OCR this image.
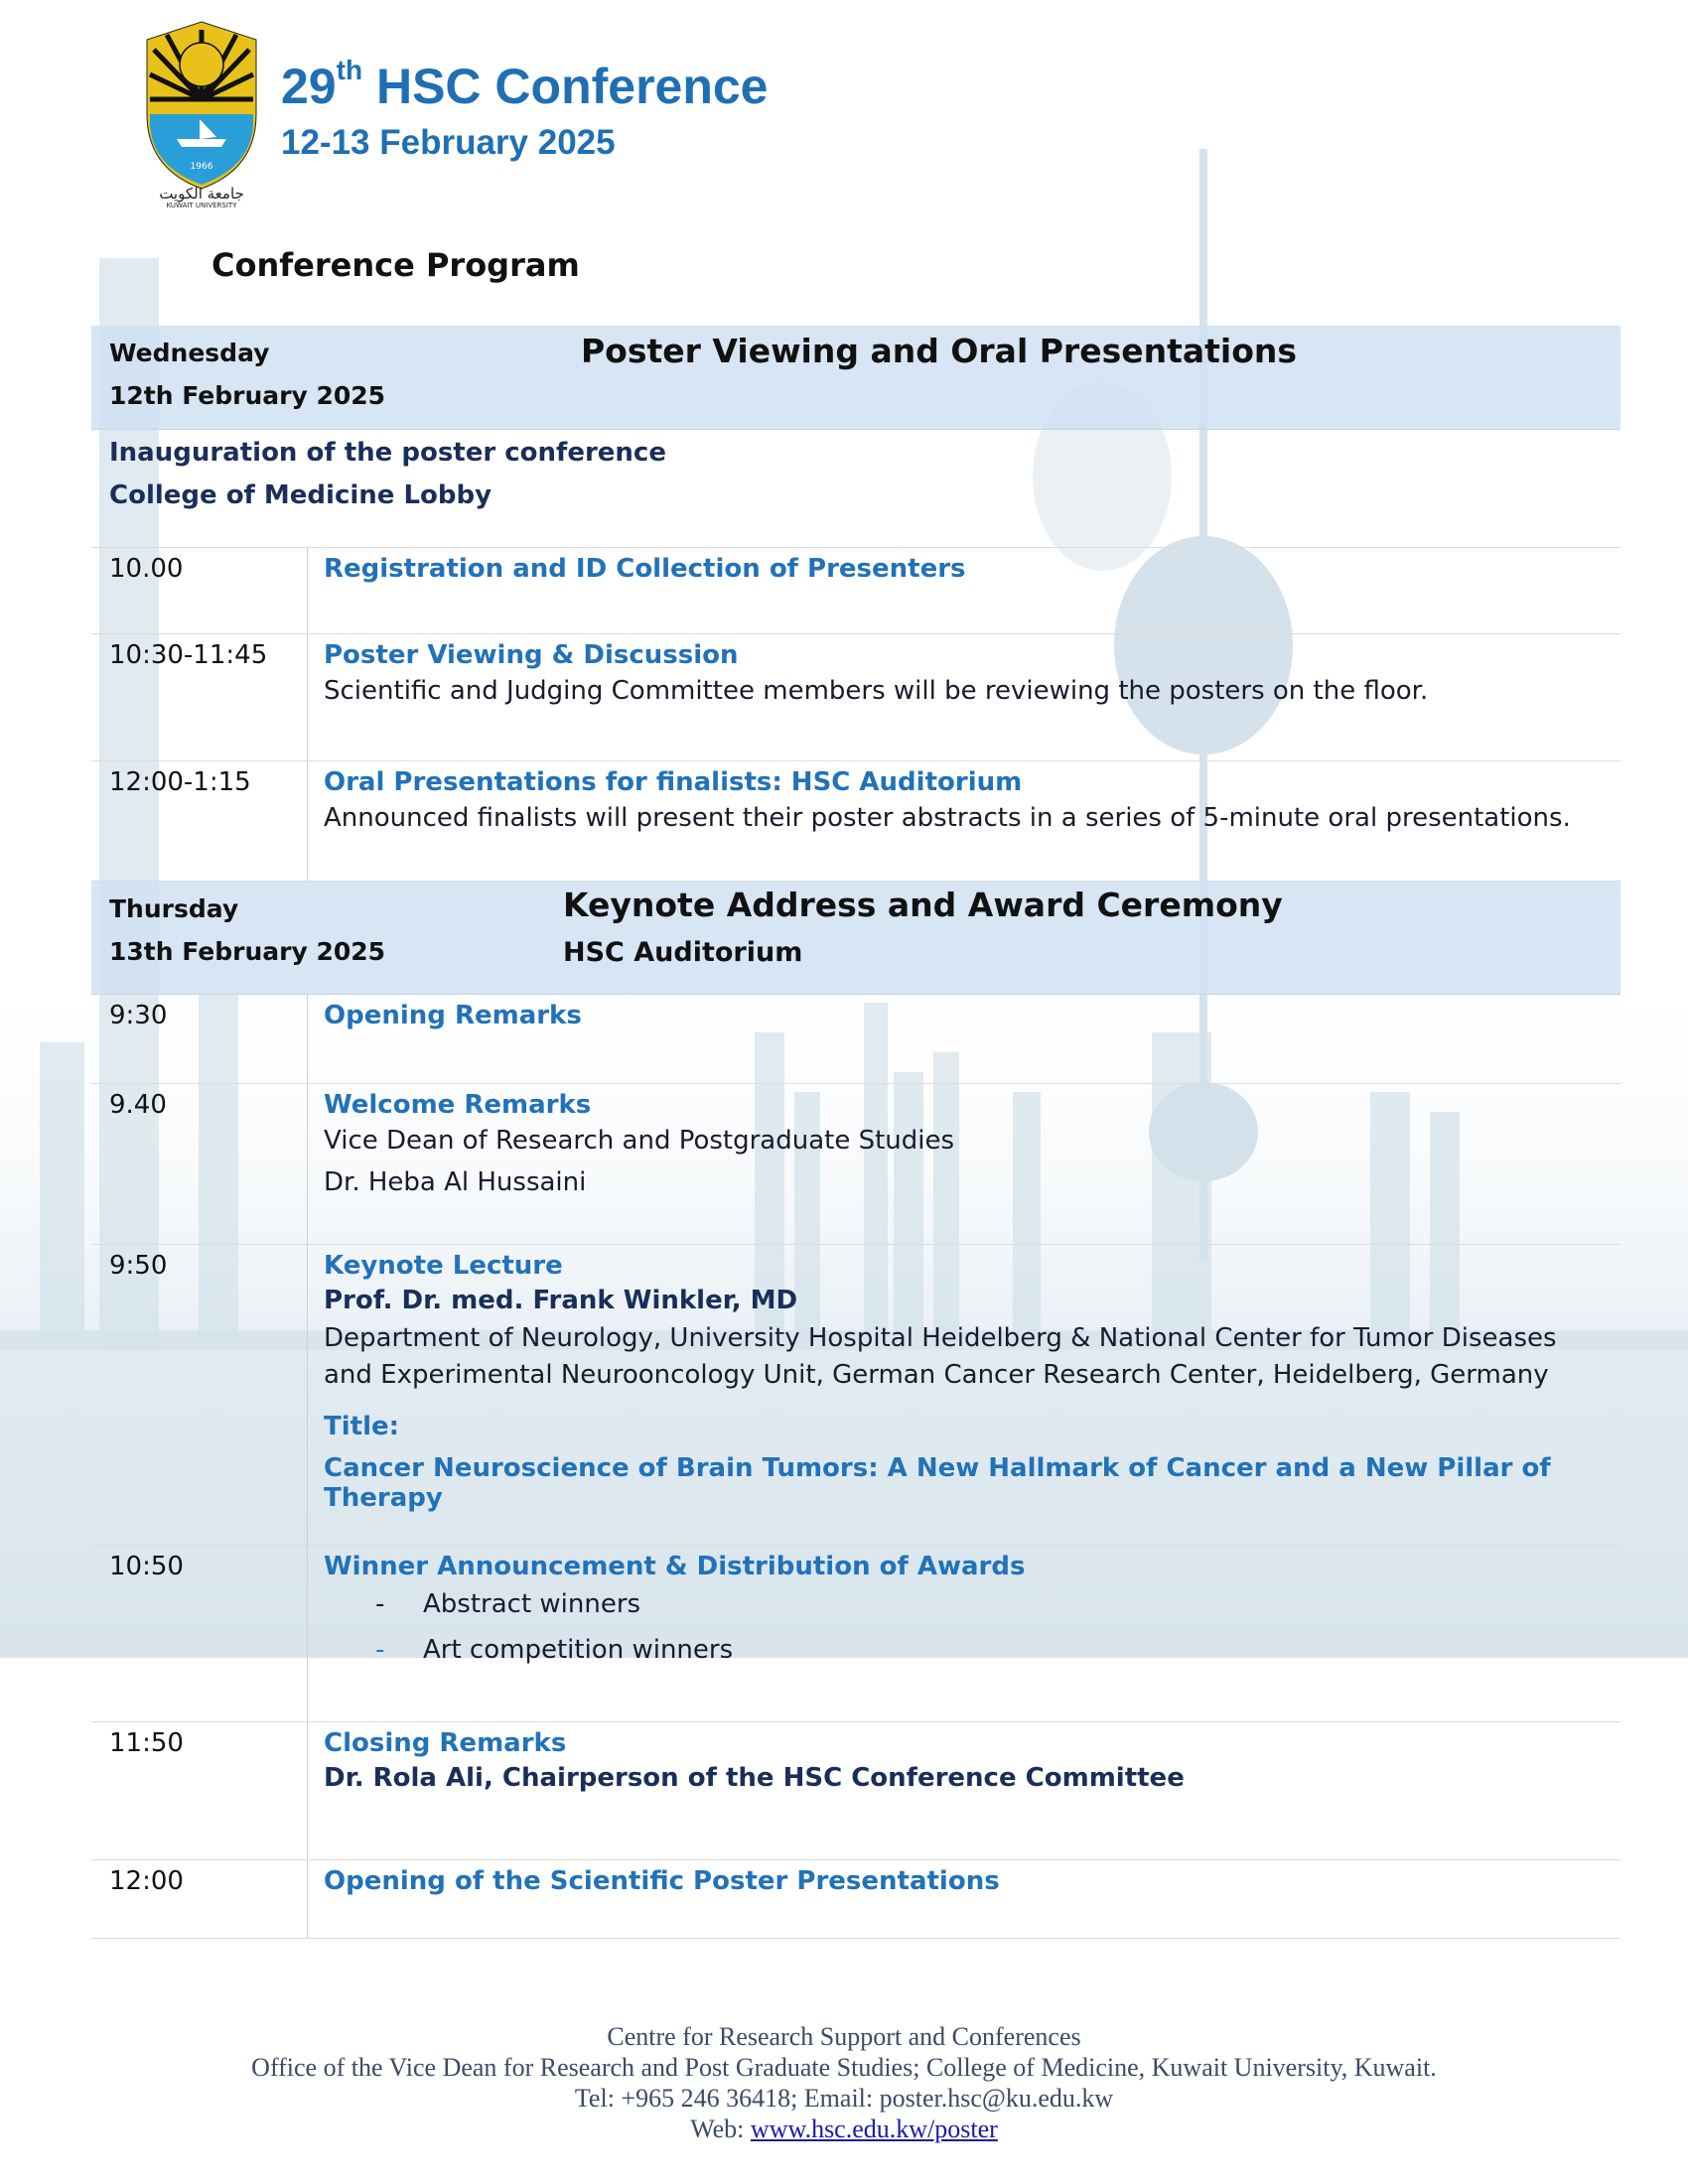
1966
جامعة الكويت
KUWAIT UNIVERSITY
29th HSC Conference
12-13 February 2025
Conference Program
Wednesday
12th February 2025
Poster Viewing and Oral Presentations
Inauguration of the poster conference
College of Medicine Lobby
10.00	Registration and ID Collection of Presenters
10:30-11:45	Poster Viewing & Discussion
Scientific and Judging Committee members will be reviewing the posters on the floor.
12:00-1:15	Oral Presentations for finalists: HSC Auditorium
Announced finalists will present their poster abstracts in a series of 5-minute oral presentations.
Thursday
13th February 2025
Keynote Address and Award Ceremony
HSC Auditorium
9:30	Opening Remarks
9.40	Welcome Remarks
Vice Dean of Research and Postgraduate Studies
Dr. Heba Al Hussaini
9:50	Keynote Lecture
Prof. Dr. med. Frank Winkler, MD
Department of Neurology, University Hospital Heidelberg & National Center for Tumor Diseases
and Experimental Neurooncology Unit, German Cancer Research Center, Heidelberg, Germany
Title:
Cancer Neuroscience of Brain Tumors: A New Hallmark of Cancer and a New Pillar of Therapy
10:50	Winner Announcement & Distribution of Awards
- Abstract winners
- Art competition winners
11:50	Closing Remarks
Dr. Rola Ali, Chairperson of the HSC Conference Committee
12:00	Opening of the Scientific Poster Presentations
Centre for Research Support and Conferences
Office of the Vice Dean for Research and Post Graduate Studies; College of Medicine, Kuwait University, Kuwait.
Tel: +965 246 36418; Email: poster.hsc@ku.edu.kw
Web: www.hsc.edu.kw/poster
